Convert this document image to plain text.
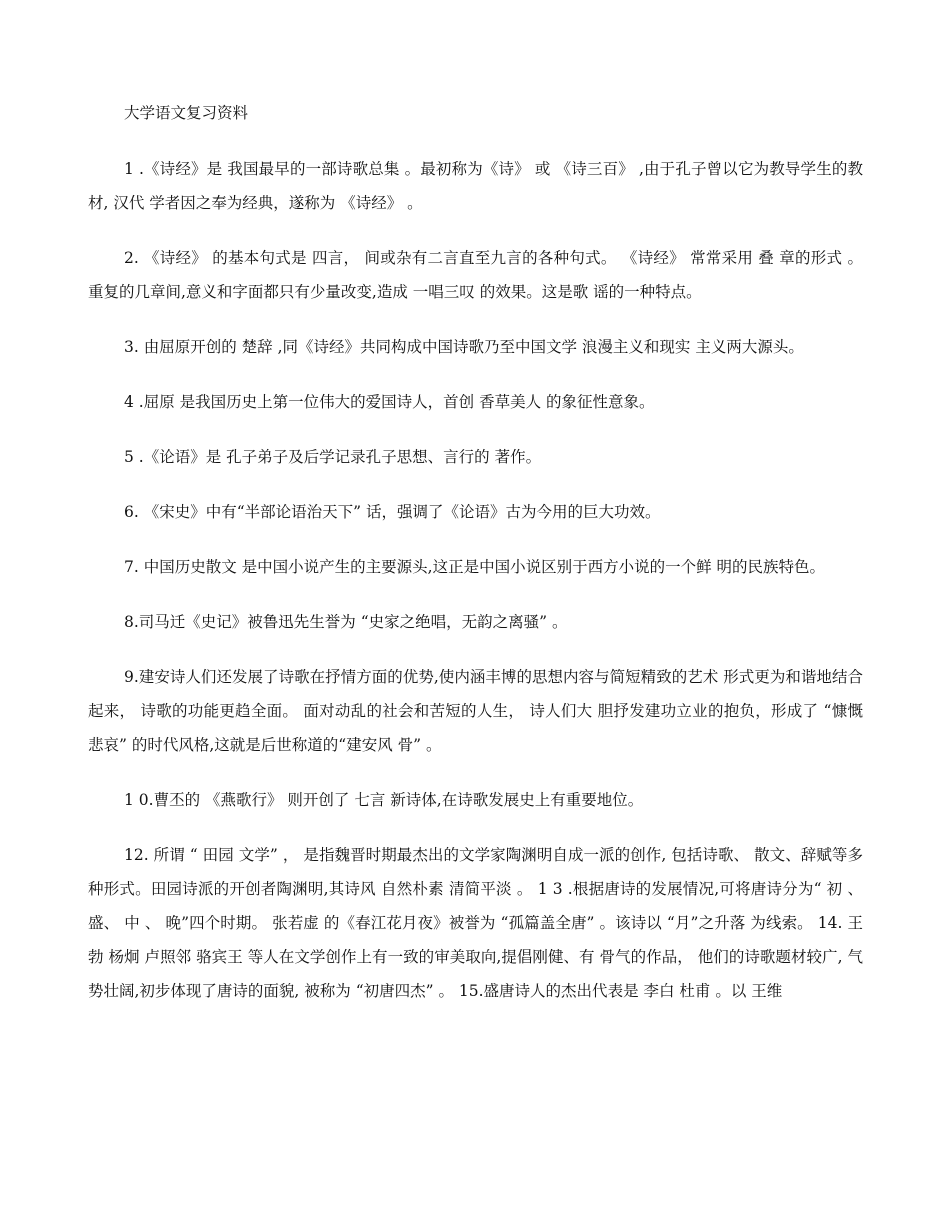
大学语文复习资料

1 .《诗经》是 我国最早的一部诗歌总集 。最初称为《诗》 或 《诗三百》 ,由于孔子曾以它为教导学生的教材, 汉代 学者因之奉为经典，遂称为 《诗经》 。

2. 《诗经》 的基本句式是 四言， 间或杂有二言直至九言的各种句式。 《诗经》 常常采用 叠 章的形式 。重复的几章间,意义和字面都只有少量改变,造成 一唱三叹 的效果。这是歌 谣的一种特点。

3. 由屈原开创的 楚辞 ,同《诗经》共同构成中国诗歌乃至中国文学 浪漫主义和现实 主义两大源头。

4 .屈原 是我国历史上第一位伟大的爱国诗人，首创 香草美人 的象征性意象。

5 .《论语》是 孔子弟子及后学记录孔子思想、言行的 著作。

6. 《宋史》中有“半部论语治天下” 话，强调了《论语》古为今用的巨大功效。

7. 中国历史散文 是中国小说产生的主要源头,这正是中国小说区别于西方小说的一个鲜 明的民族特色。

8.司马迁《史记》被鲁迅先生誉为 “史家之绝唱，无韵之离骚” 。

9.建安诗人们还发展了诗歌在抒情方面的优势,使内涵丰博的思想内容与简短精致的艺术 形式更为和谐地结合起来， 诗歌的功能更趋全面。 面对动乱的社会和苦短的人生， 诗人们大 胆抒发建功立业的抱负，形成了 “慷慨悲哀” 的时代风格,这就是后世称道的“建安风 骨” 。

1 0.曹丕的 《燕歌行》 则开创了 七言 新诗体,在诗歌发展史上有重要地位。

12. 所谓 “ 田园 文学” ， 是指魏晋时期最杰出的文学家陶渊明自成一派的创作, 包括诗歌、 散文、辞赋等多种形式。田园诗派的开创者陶渊明,其诗风 自然朴素 清简平淡 。 1 3 .根据唐诗的发展情况,可将唐诗分为“ 初 、盛、 中 、 晚”四个时期。 张若虚 的《春江花月夜》被誉为 “孤篇盖全唐” 。该诗以 “月”之升落 为线索。 14. 王勃 杨炯 卢照邻 骆宾王 等人在文学创作上有一致的审美取向,提倡刚健、有 骨气的作品， 他们的诗歌题材较广, 气势壮阔,初步体现了唐诗的面貌, 被称为 “初唐四杰” 。 15.盛唐诗人的杰出代表是 李白 杜甫 。以 王维
